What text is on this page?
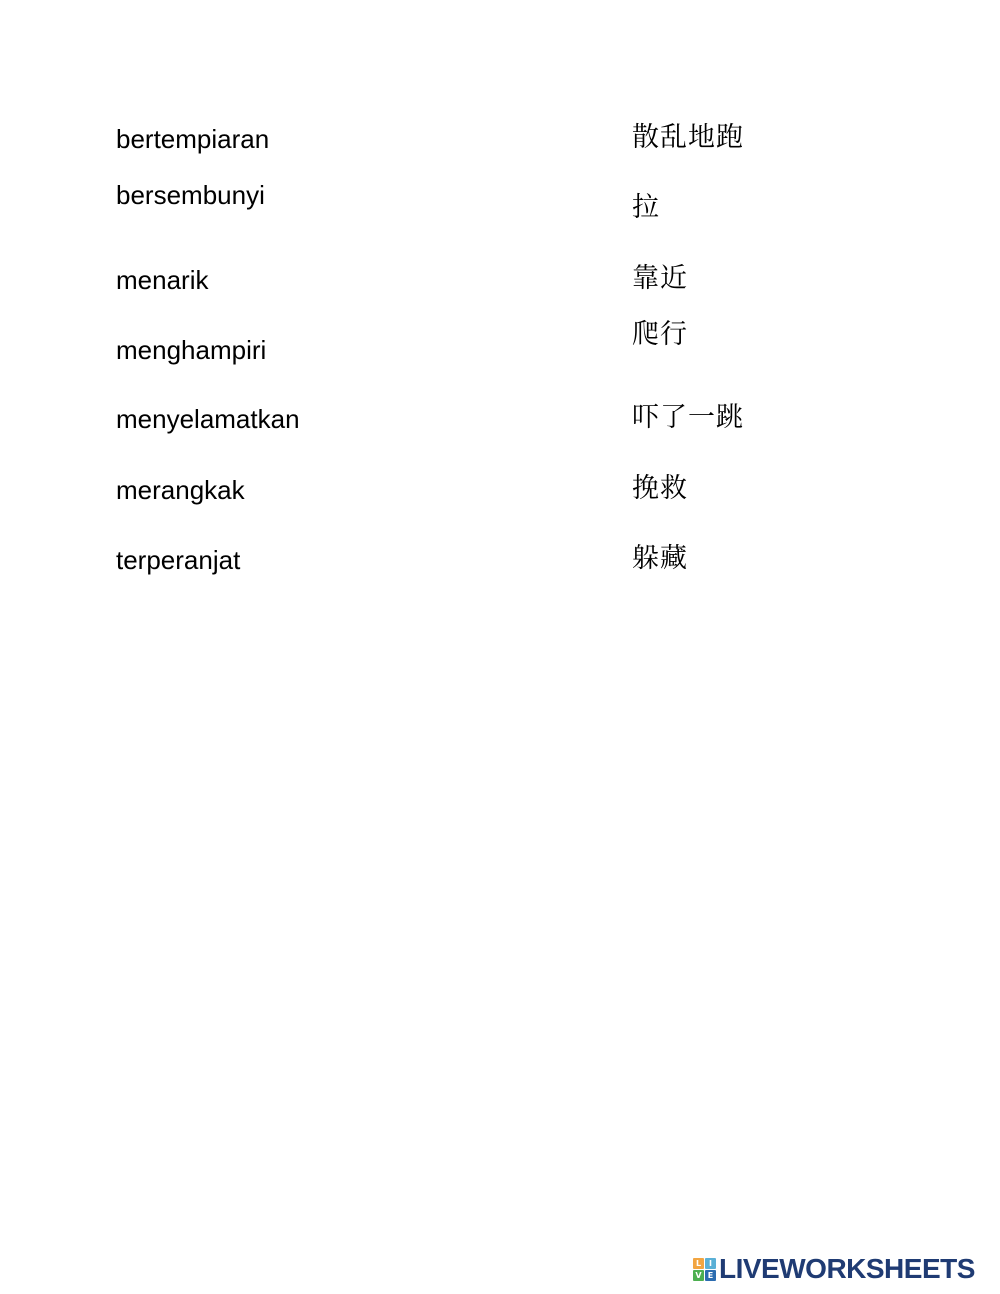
bertempiaran
bersembunyi
menarik
menghampiri
menyelamatkan
merangkak
terperanjat
散乱地跑
拉
靠近
爬行
吓了一跳
挽救
躲藏
L I
V E LIVEWORKSHEETS
